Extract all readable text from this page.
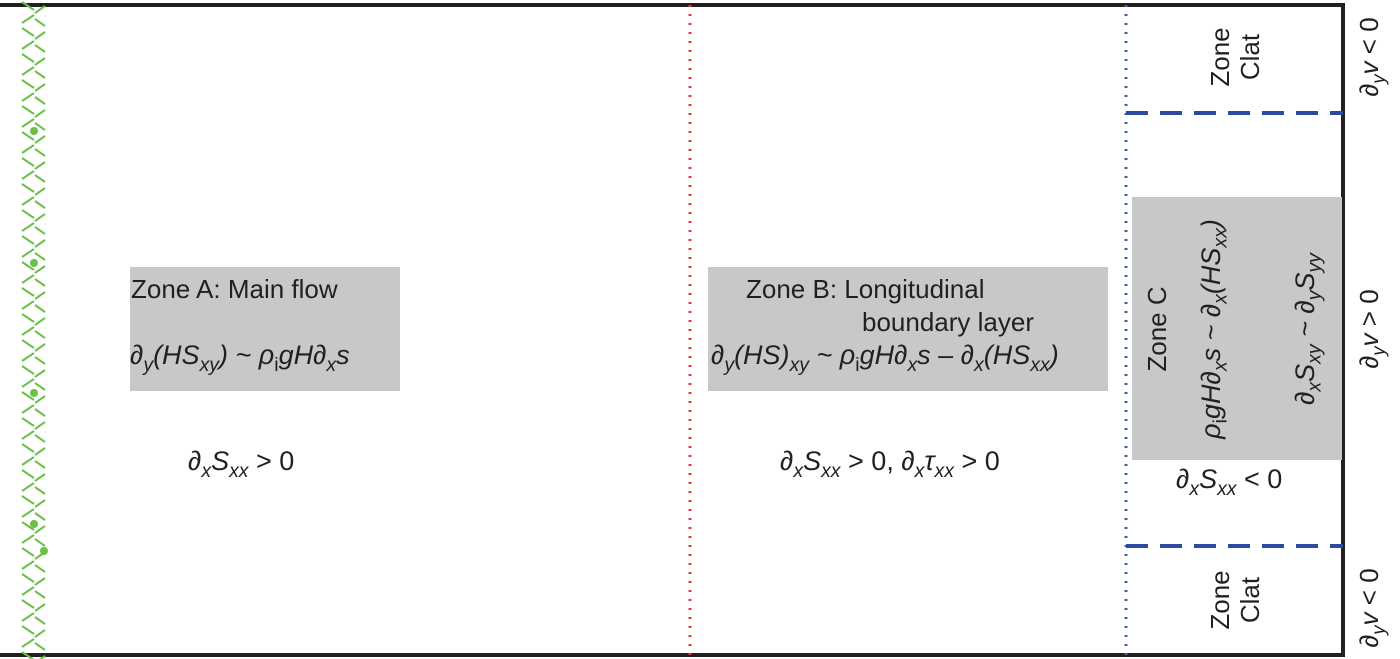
Zone A: Main flow
$\partial_y(HS_{xy})$ ~ $\rho_igH\partial_xs$
$\partial_xS_{xx} > 0$
Zone B: Longitudinal
boundary layer
$\partial_y(HS)_{xy}$ ~ $\rho_igH\partial_xs - \partial_x(HS_{xx})$
$\partial_xS_{xx} > 0$, $\partial_x\tau_{xx} > 0$
Zone C
$\rho_igH\partial_xs$ ~ $\partial_x(HS_{xx})$
$\partial_xS_{xy}$ ~ $\partial_yS_{yy}$
$\partial_xS_{xx} < 0$
Zone
Clat
Zone
Clat
$\partial_yv < 0$
$\partial_yv > 0$
$\partial_yv < 0$
